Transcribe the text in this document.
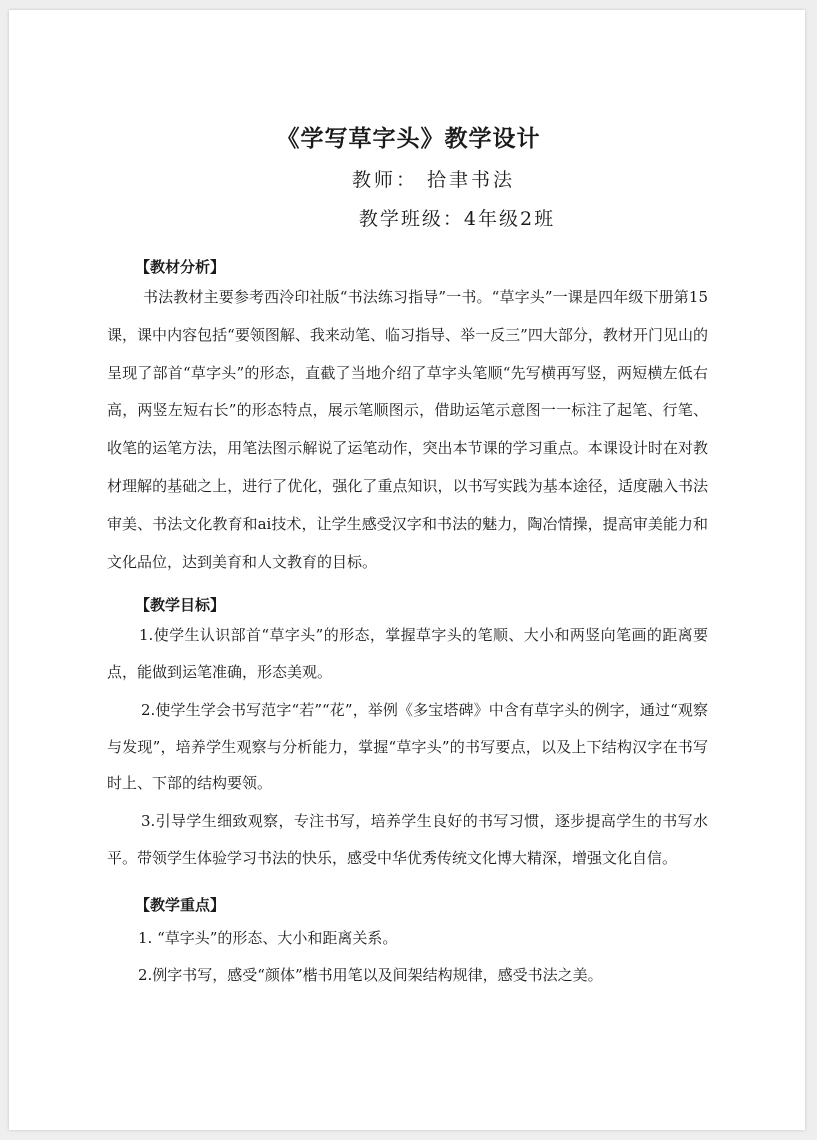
《学写草字头》教学设计
教师： 拾聿书法
教学班级：4年级2班
【教材分析】
书法教材主要参考西泠印社版“书法练习指导”一书。“草字头”一课是四年级下册第15课，课中内容包括“要领图解、我来动笔、临习指导、举一反三”四大部分，教材开门见山的呈现了部首“草字头”的形态，直截了当地介绍了草字头笔顺“先写横再写竖，两短横左低右高，两竖左短右长”的形态特点，展示笔顺图示，借助运笔示意图一一标注了起笔、行笔、收笔的运笔方法，用笔法图示解说了运笔动作，突出本节课的学习重点。本课设计时在对教材理解的基础之上，进行了优化，强化了重点知识，以书写实践为基本途径，适度融入书法审美、书法文化教育和ai技术，让学生感受汉字和书法的魅力，陶冶情操，提高审美能力和文化品位，达到美育和人文教育的目标。
【教学目标】
1.使学生认识部首“草字头”的形态，掌握草字头的笔顺、大小和两竖向笔画的距离要点，能做到运笔准确，形态美观。
2.使学生学会书写范字“若”“花”，举例《多宝塔碑》中含有草字头的例字，通过“观察与发现”，培养学生观察与分析能力，掌握“草字头”的书写要点，以及上下结构汉字在书写时上、下部的结构要领。
3.引导学生细致观察，专注书写，培养学生良好的书写习惯，逐步提高学生的书写水平。带领学生体验学习书法的快乐，感受中华优秀传统文化博大精深，增强文化自信。
【教学重点】
1. “草字头”的形态、大小和距离关系。
2.例字书写，感受“颜体”楷书用笔以及间架结构规律，感受书法之美。
